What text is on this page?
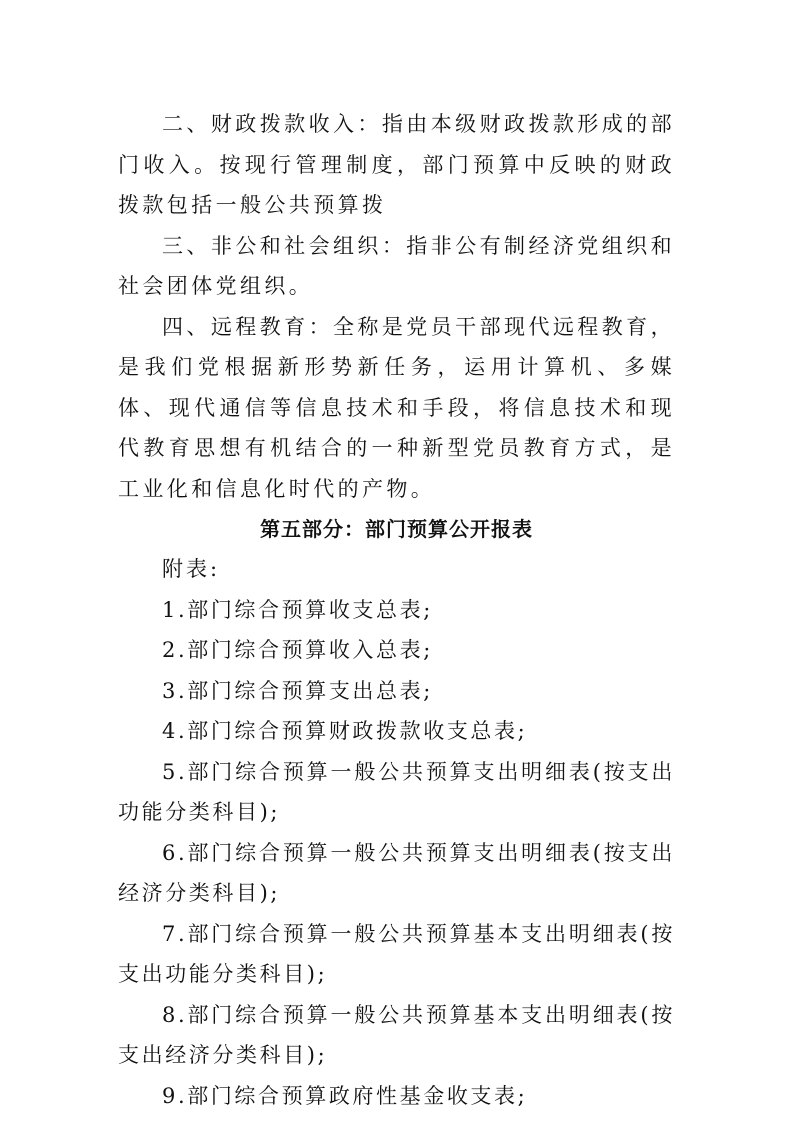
二、财政拨款收入：指由本级财政拨款形成的部门收入。按现行管理制度，部门预算中反映的财政拨款包括一般公共预算拨

三、非公和社会组织：指非公有制经济党组织和社会团体党组织。

四、远程教育：全称是党员干部现代远程教育，是我们党根据新形势新任务，运用计算机、多媒体、现代通信等信息技术和手段，将信息技术和现代教育思想有机结合的一种新型党员教育方式，是工业化和信息化时代的产物。

第五部分：部门预算公开报表

附表:

1.部门综合预算收支总表;
2.部门综合预算收入总表;
3.部门综合预算支出总表;
4.部门综合预算财政拨款收支总表;
5.部门综合预算一般公共预算支出明细表(按支出功能分类科目);
6.部门综合预算一般公共预算支出明细表(按支出经济分类科目);
7.部门综合预算一般公共预算基本支出明细表(按支出功能分类科目);
8.部门综合预算一般公共预算基本支出明细表(按支出经济分类科目);
9.部门综合预算政府性基金收支表;
